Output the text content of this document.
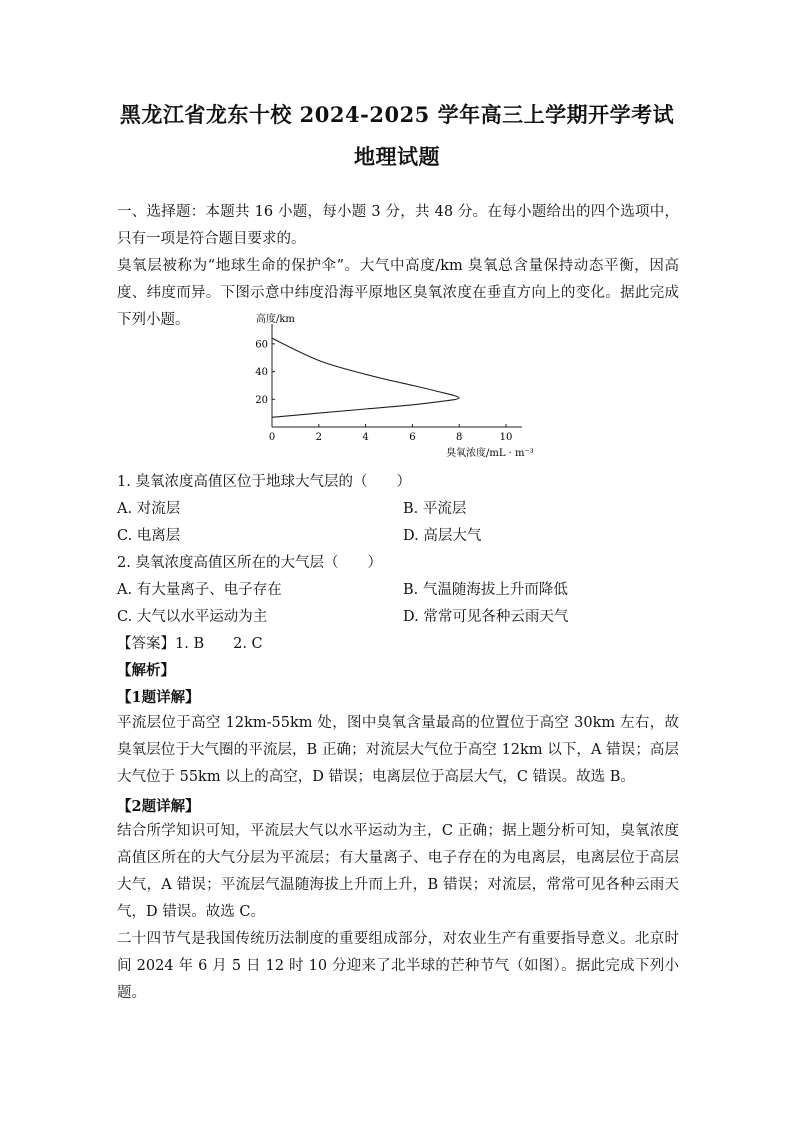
黑龙江省龙东十校 2024-2025 学年高三上学期开学考试
地理试题
一、选择题：本题共 16 小题，每小题 3 分，共 48 分。在每小题给出的四个选项中，只有一项是符合题目要求的。
臭氧层被称为“地球生命的保护伞”。大气中高度/km 臭氧总含量保持动态平衡，因高度、纬度而异。下图示意中纬度沿海平原地区臭氧浓度在垂直方向上的变化。据此完成下列小题。	高度/km
20
40
60
0	2	4	6	8	10
臭氧浓度/mL · m⁻³
1. 臭氧浓度高值区位于地球大气层的（　　）
A. 对流层	B. 平流层
C. 电离层	D. 高层大气
2. 臭氧浓度高值区所在的大气层（　　）
A. 有大量离子、电子存在	B. 气温随海拔上升而降低
C. 大气以水平运动为主	D. 常常可见各种云雨天气
【答案】1. B　　2. C
【解析】
【1题详解】
平流层位于高空 12km-55km 处，图中臭氧含量最高的位置位于高空 30km 左右，故臭氧层位于大气圈的平流层，B 正确；对流层大气位于高空 12km 以下，A 错误；高层大气位于 55km 以上的高空，D 错误；电离层位于高层大气，C 错误。故选 B。
【2题详解】
结合所学知识可知，平流层大气以水平运动为主，C 正确；据上题分析可知，臭氧浓度高值区所在的大气分层为平流层；有大量离子、电子存在的为电离层，电离层位于高层大气，A 错误；平流层气温随海拔上升而上升，B 错误；对流层，常常可见各种云雨天气，D 错误。故选 C。
二十四节气是我国传统历法制度的重要组成部分，对农业生产有重要指导意义。北京时间 2024 年 6 月 5 日 12 时 10 分迎来了北半球的芒种节气（如图）。据此完成下列小题。
